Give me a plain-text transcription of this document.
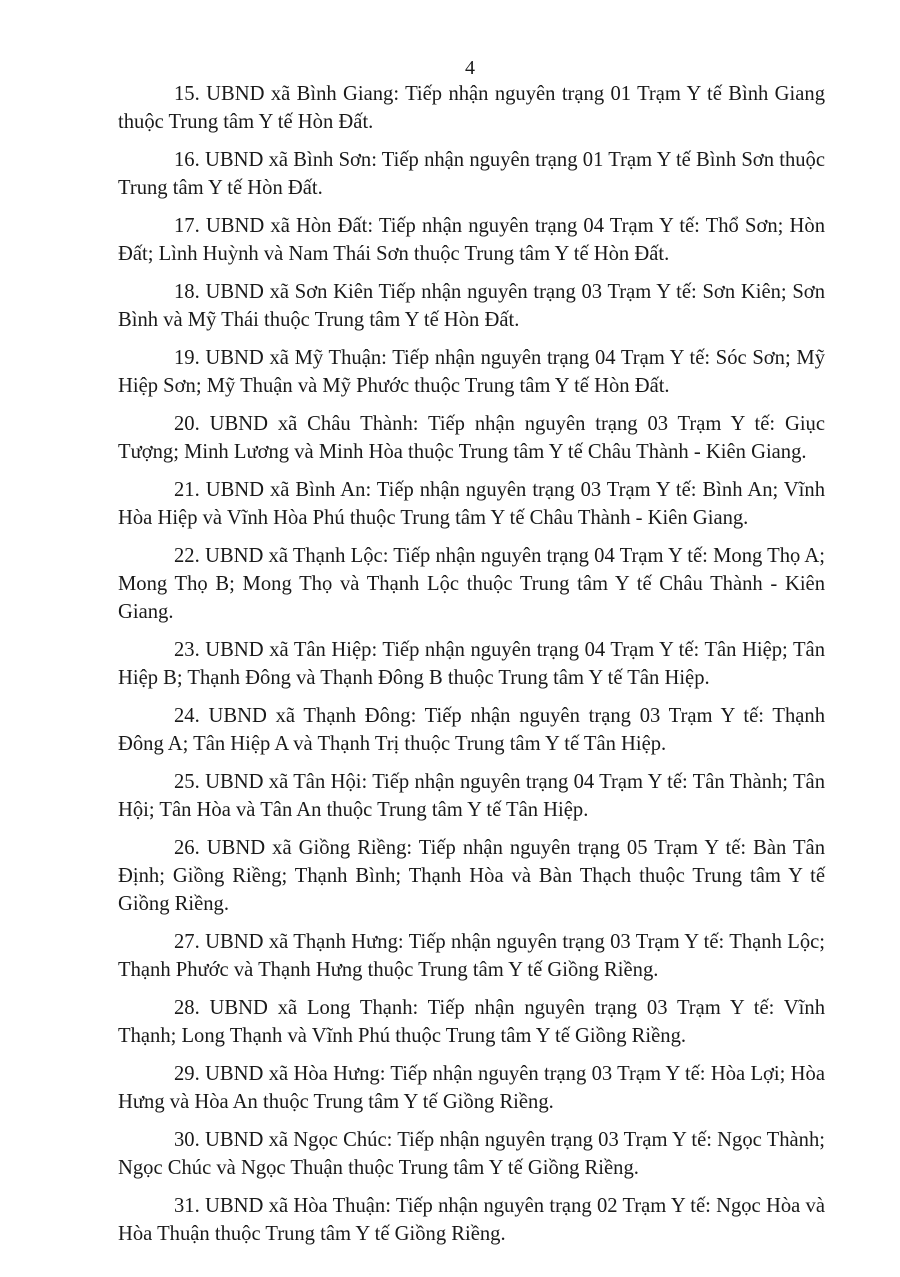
4

15. UBND xã Bình Giang: Tiếp nhận nguyên trạng 01 Trạm Y tế Bình Giang thuộc Trung tâm Y tế Hòn Đất.

16. UBND xã Bình Sơn: Tiếp nhận nguyên trạng 01 Trạm Y tế Bình Sơn thuộc Trung tâm Y tế Hòn Đất.

17. UBND xã Hòn Đất: Tiếp nhận nguyên trạng 04 Trạm Y tế: Thổ Sơn; Hòn Đất; Lình Huỳnh và Nam Thái Sơn thuộc Trung tâm Y tế Hòn Đất.

18. UBND xã Sơn Kiên Tiếp nhận nguyên trạng 03 Trạm Y tế: Sơn Kiên; Sơn Bình và Mỹ Thái thuộc Trung tâm Y tế Hòn Đất.

19. UBND xã Mỹ Thuận: Tiếp nhận nguyên trạng 04 Trạm Y tế: Sóc Sơn; Mỹ Hiệp Sơn; Mỹ Thuận và Mỹ Phước thuộc Trung tâm Y tế Hòn Đất.

20. UBND xã Châu Thành: Tiếp nhận nguyên trạng 03 Trạm Y tế: Giục Tượng; Minh Lương và Minh Hòa thuộc Trung tâm Y tế Châu Thành - Kiên Giang.

21. UBND xã Bình An: Tiếp nhận nguyên trạng 03 Trạm Y tế: Bình An; Vĩnh Hòa Hiệp và Vĩnh Hòa Phú thuộc Trung tâm Y tế Châu Thành - Kiên Giang.

22. UBND xã Thạnh Lộc: Tiếp nhận nguyên trạng 04 Trạm Y tế: Mong Thọ A; Mong Thọ B; Mong Thọ và Thạnh Lộc thuộc Trung tâm Y tế Châu Thành - Kiên Giang.

23. UBND xã Tân Hiệp: Tiếp nhận nguyên trạng 04 Trạm Y tế: Tân Hiệp; Tân Hiệp B; Thạnh Đông và Thạnh Đông B thuộc Trung tâm Y tế Tân Hiệp.

24. UBND xã Thạnh Đông: Tiếp nhận nguyên trạng 03 Trạm Y tế: Thạnh Đông A; Tân Hiệp A và Thạnh Trị thuộc Trung tâm Y tế Tân Hiệp.

25. UBND xã Tân Hội: Tiếp nhận nguyên trạng 04 Trạm Y tế: Tân Thành; Tân Hội; Tân Hòa và Tân An thuộc Trung tâm Y tế Tân Hiệp.

26. UBND xã Giồng Riềng: Tiếp nhận nguyên trạng 05 Trạm Y tế: Bàn Tân Định; Giồng Riềng; Thạnh Bình; Thạnh Hòa và Bàn Thạch thuộc Trung tâm Y tế Giồng Riềng.

27. UBND xã Thạnh Hưng: Tiếp nhận nguyên trạng 03 Trạm Y tế: Thạnh Lộc; Thạnh Phước và Thạnh Hưng thuộc Trung tâm Y tế Giồng Riềng.

28. UBND xã Long Thạnh: Tiếp nhận nguyên trạng 03 Trạm Y tế: Vĩnh Thạnh; Long Thạnh và Vĩnh Phú thuộc Trung tâm Y tế Giồng Riềng.

29. UBND xã Hòa Hưng: Tiếp nhận nguyên trạng 03 Trạm Y tế: Hòa Lợi; Hòa Hưng và Hòa An thuộc Trung tâm Y tế Giồng Riềng.

30. UBND xã Ngọc Chúc: Tiếp nhận nguyên trạng 03 Trạm Y tế: Ngọc Thành; Ngọc Chúc và Ngọc Thuận thuộc Trung tâm Y tế Giồng Riềng.

31. UBND xã Hòa Thuận: Tiếp nhận nguyên trạng 02 Trạm Y tế: Ngọc Hòa và Hòa Thuận thuộc Trung tâm Y tế Giồng Riềng.
